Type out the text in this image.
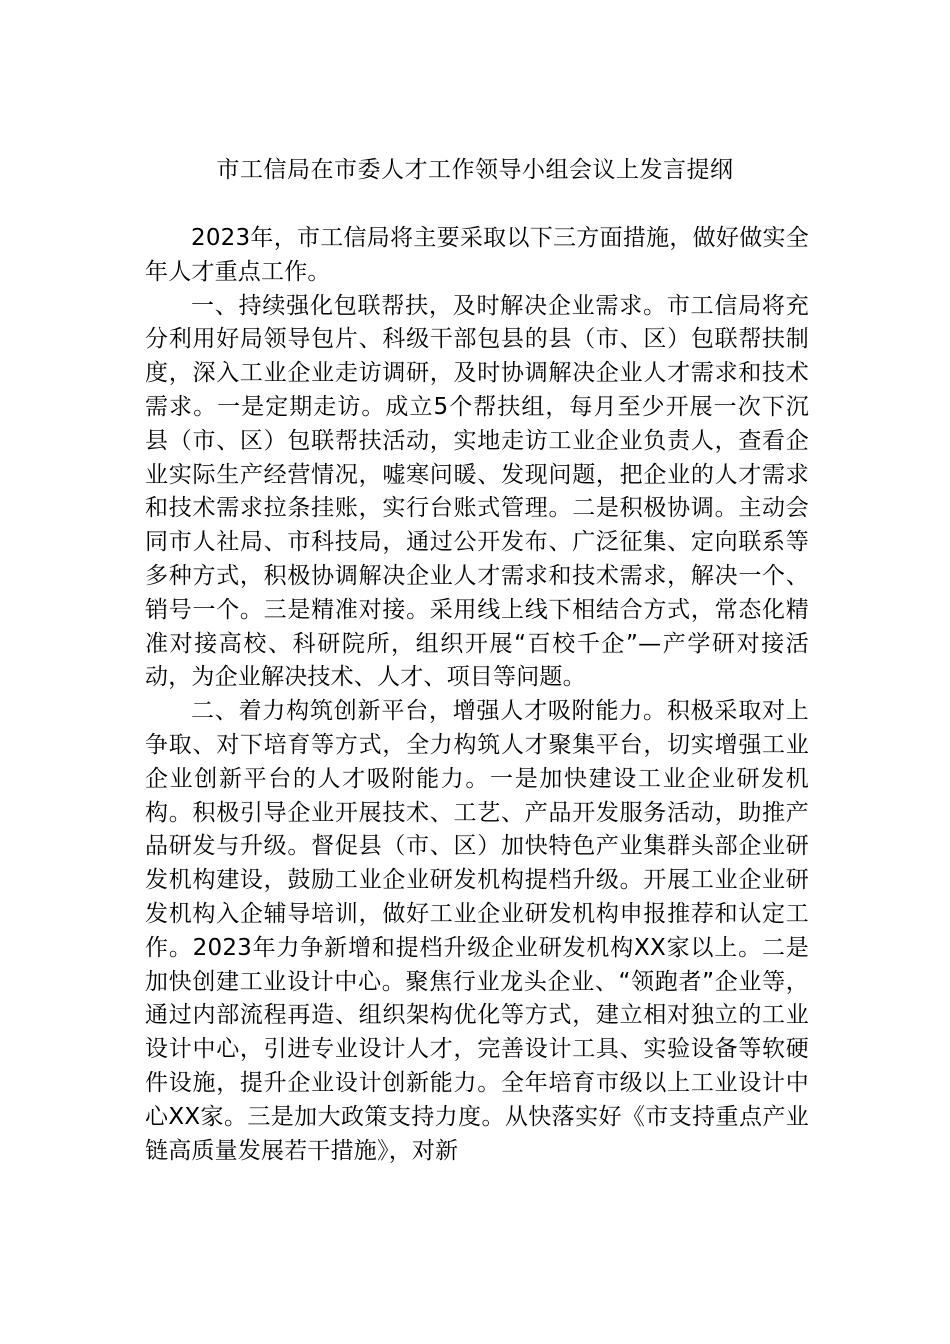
市工信局在市委人才工作领导小组会议上发言提纲

2023年，市工信局将主要采取以下三方面措施，做好做实全年人才重点工作。

一、持续强化包联帮扶，及时解决企业需求。市工信局将充分利用好局领导包片、科级干部包县的县（市、区）包联帮扶制度，深入工业企业走访调研，及时协调解决企业人才需求和技术需求。一是定期走访。成立5个帮扶组，每月至少开展一次下沉县（市、区）包联帮扶活动，实地走访工业企业负责人，查看企业实际生产经营情况，嘘寒问暖、发现问题，把企业的人才需求和技术需求拉条挂账，实行台账式管理。二是积极协调。主动会同市人社局、市科技局，通过公开发布、广泛征集、定向联系等多种方式，积极协调解决企业人才需求和技术需求，解决一个、销号一个。三是精准对接。采用线上线下相结合方式，常态化精准对接高校、科研院所，组织开展“百校千企”—产学研对接活动，为企业解决技术、人才、项目等问题。

二、着力构筑创新平台，增强人才吸附能力。积极采取对上争取、对下培育等方式，全力构筑人才聚集平台，切实增强工业企业创新平台的人才吸附能力。一是加快建设工业企业研发机构。积极引导企业开展技术、工艺、产品开发服务活动，助推产品研发与升级。督促县（市、区）加快特色产业集群头部企业研发机构建设，鼓励工业企业研发机构提档升级。开展工业企业研发机构入企辅导培训，做好工业企业研发机构申报推荐和认定工作。2023年力争新增和提档升级企业研发机构XX家以上。二是加快创建工业设计中心。聚焦行业龙头企业、“领跑者”企业等，通过内部流程再造、组织架构优化等方式，建立相对独立的工业设计中心，引进专业设计人才，完善设计工具、实验设备等软硬件设施，提升企业设计创新能力。全年培育市级以上工业设计中心XX家。三是加大政策支持力度。从快落实好《市支持重点产业链高质量发展若干措施》，对新
